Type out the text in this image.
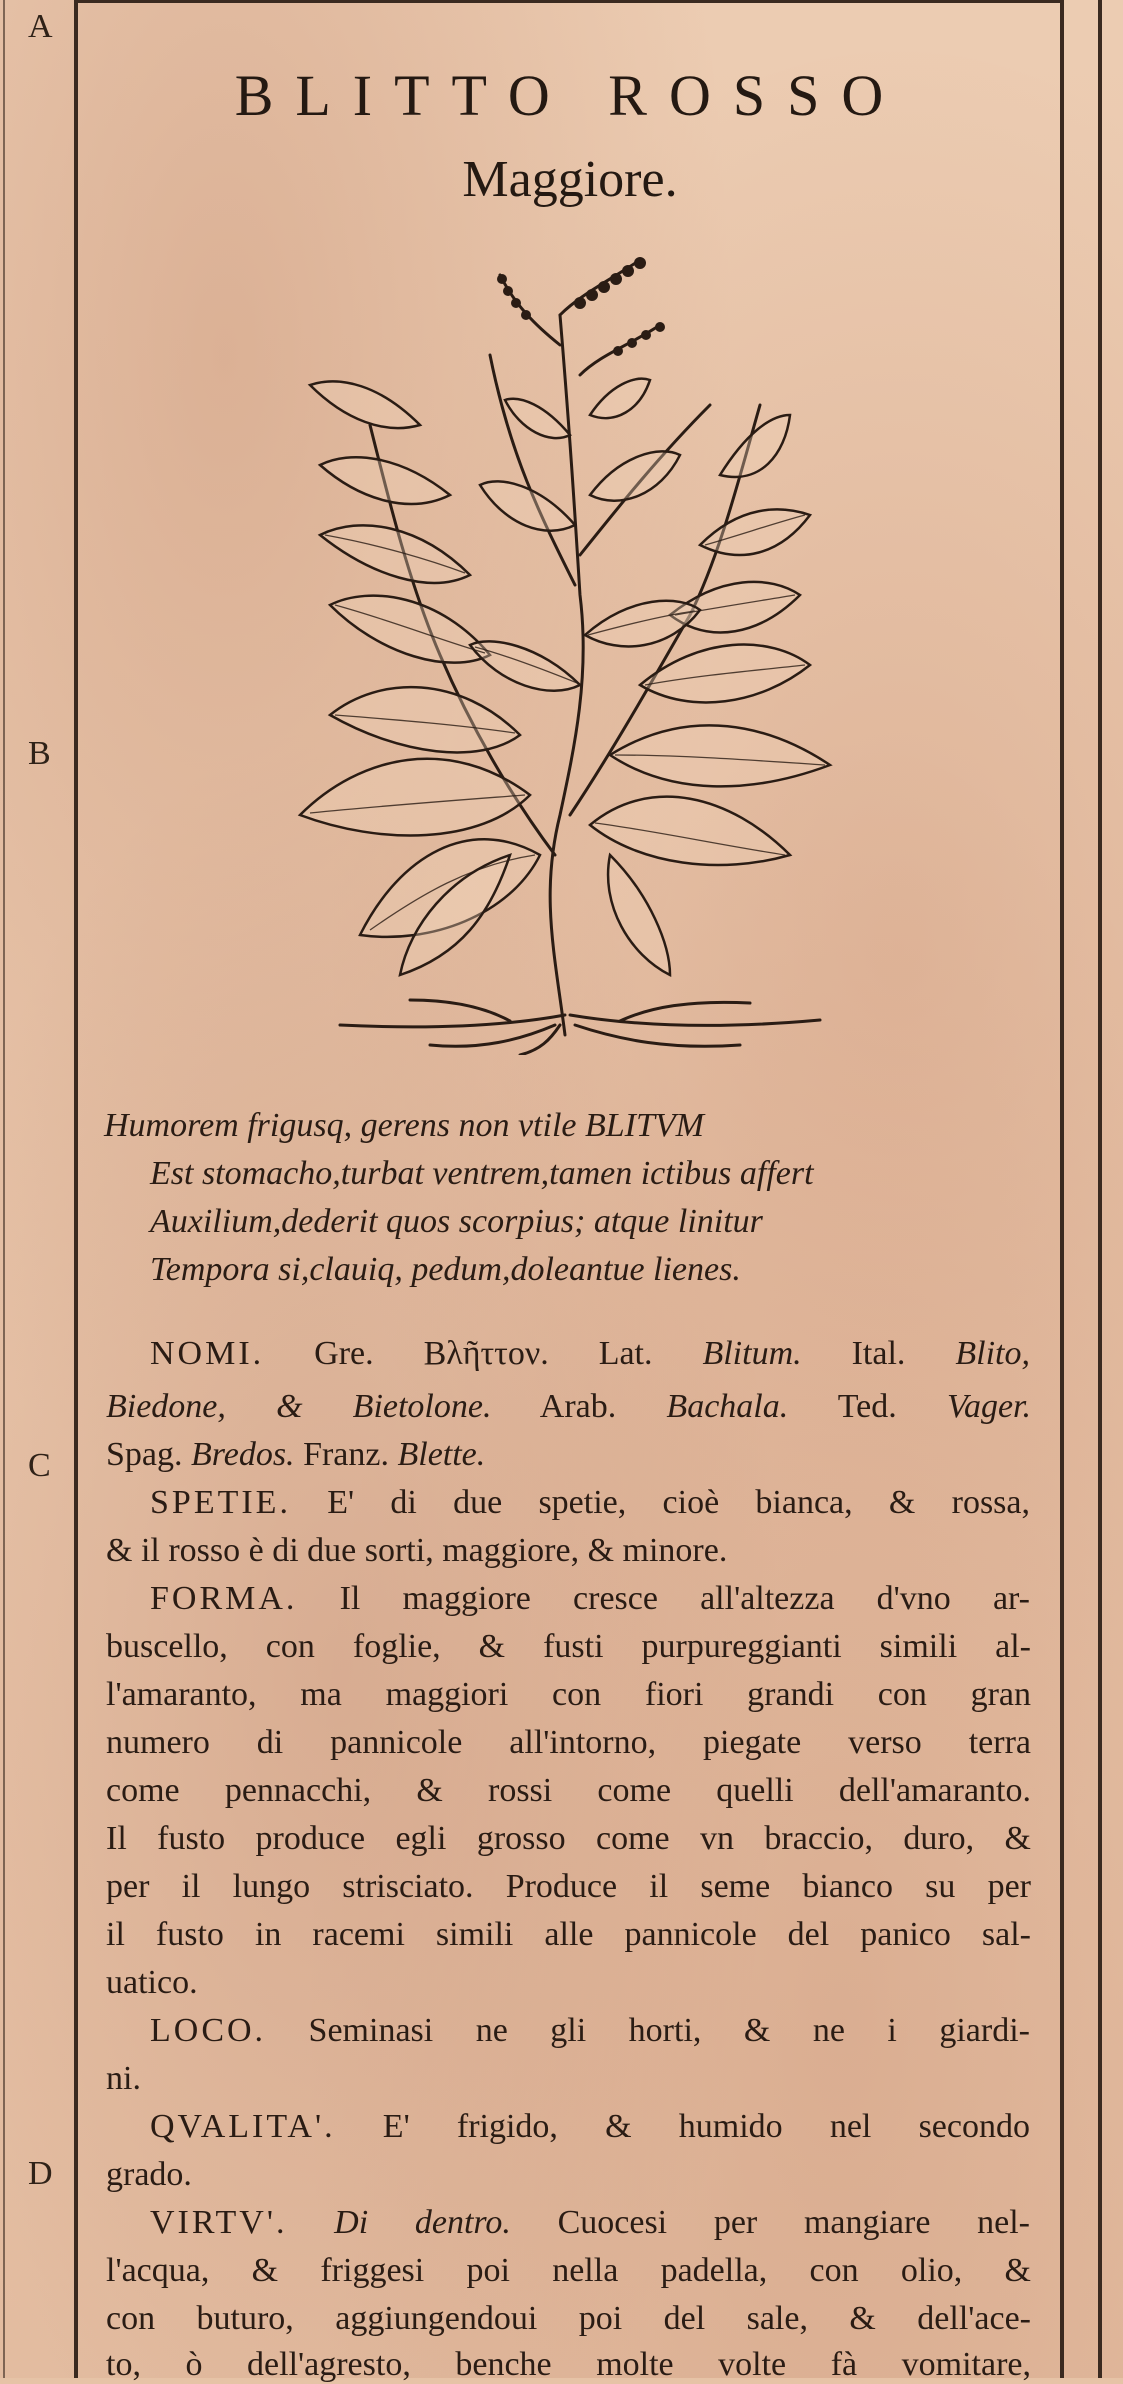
A
B
C
D
BLITTO ROSSO
Maggiore.
Humorem frigusq, gerens non vtile BLITVM
Est stomacho,turbat ventrem,tamen ictibus affert
Auxilium,dederit quos scorpius; atque linitur
Tempora si,clauiq, pedum,doleantue lienes.
NOMI. Gre. Βλῆττον. Lat. Blitum. Ital. Blito,
Biedone, & Bietolone. Arab. Bachala. Ted. Vager.
Spag. Bredos. Franz. Blette.
SPETIE. E' di due spetie, cioè bianca, & rossa,
& il rosso è di due sorti, maggiore, & minore.
FORMA. Il maggiore cresce all'altezza d'vno ar-
buscello, con foglie, & fusti purpureggianti simili al-
l'amaranto, ma maggiori con fiori grandi con gran
numero di pannicole all'intorno, piegate verso terra
come pennacchi, & rossi come quelli dell'amaranto.
Il fusto produce egli grosso come vn braccio, duro, &
per il lungo strisciato. Produce il seme bianco su per
il fusto in racemi simili alle pannicole del panico sal-
uatico.
LOCO. Seminasi ne gli horti, & ne i giardi-
ni.
QVALITA'. E' frigido, & humido nel secondo
grado.
VIRTV'. Di dentro. Cuocesi per mangiare nel-
l'acqua, & friggesi poi nella padella, con olio, &
con buturo, aggiungendoui poi del sale, & dell'ace-
to, ò dell'agresto, benche molte volte fà vomitare,
